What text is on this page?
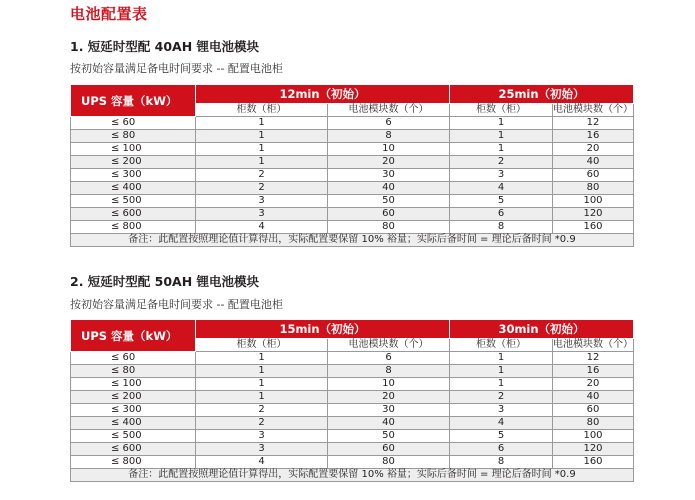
电池配置表
1. 短延时型配 40AH 锂电池模块
按初始容量满足备电时间要求 -- 配置电池柜
UPS 容量（kW）	12min（初始）		25min（初始）	
	柜数（柜）	电池模块数（个）	柜数（柜）	电池模块数（个）
≤ 60	1	6	1	12
≤ 80	1	8	1	16
≤ 100	1	10	1	20
≤ 200	1	20	2	40
≤ 300	2	30	3	60
≤ 400	2	40	4	80
≤ 500	3	50	5	100
≤ 600	3	60	6	120
≤ 800	4	80	8	160
备注：此配置按照理论值计算得出，实际配置要保留 10% 裕量；实际后备时间 = 理论后备时间 *0.9				
2. 短延时型配 50AH 锂电池模块
按初始容量满足备电时间要求 -- 配置电池柜
UPS 容量（kW）	15min（初始）		30min（初始）	
	柜数（柜）	电池模块数（个）	柜数（柜）	电池模块数（个）
≤ 60	1	6	1	12
≤ 80	1	8	1	16
≤ 100	1	10	1	20
≤ 200	1	20	2	40
≤ 300	2	30	3	60
≤ 400	2	40	4	80
≤ 500	3	50	5	100
≤ 600	3	60	6	120
≤ 800	4	80	8	160
备注：此配置按照理论值计算得出，实际配置要保留 10% 裕量；实际后备时间 = 理论后备时间 *0.9				
